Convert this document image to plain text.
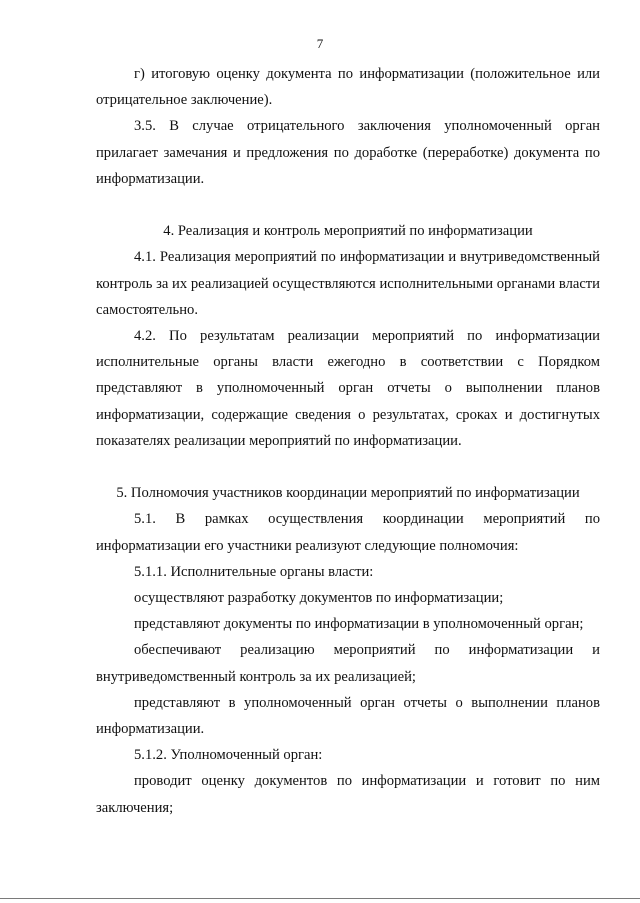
7

г) итоговую оценку документа по информатизации (положительное или отрицательное заключение).

3.5. В случае отрицательного заключения уполномоченный орган прилагает замечания и предложения по доработке (переработке) документа по информатизации.

4. Реализация и контроль мероприятий по информатизации

4.1. Реализация мероприятий по информатизации и внутриведомственный контроль за их реализацией осуществляются исполнительными органами власти самостоятельно.

4.2. По результатам реализации мероприятий по информатизации исполнительные органы власти ежегодно в соответствии с Порядком представляют в уполномоченный орган отчеты о выполнении планов информатизации, содержащие сведения о результатах, сроках и достигнутых показателях реализации мероприятий по информатизации.

5. Полномочия участников координации мероприятий по информатизации

5.1. В рамках осуществления координации мероприятий по информатизации его участники реализуют следующие полномочия:

5.1.1. Исполнительные органы власти:

осуществляют разработку документов по информатизации;

представляют документы по информатизации в уполномоченный орган;

обеспечивают реализацию мероприятий по информатизации и внутриведомственный контроль за их реализацией;

представляют в уполномоченный орган отчеты о выполнении планов информатизации.

5.1.2. Уполномоченный орган:

проводит оценку документов по информатизации и готовит по ним заключения;
